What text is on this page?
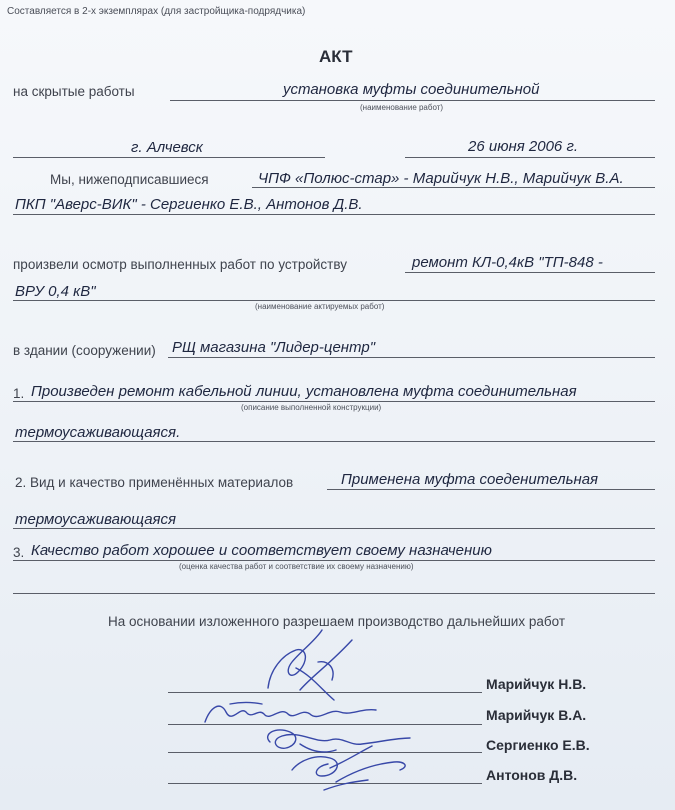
Составляется в 2-х экземплярах (для застройщика-подрядчика)
АКТ
на скрытые работы	установка муфты соединительной
(наименование работ)
г. Алчевск	26 июня 2006 г.
Мы, нижеподписавшиеся	ЧПФ «Полюс-стар» - Марийчук Н.В., Марийчук В.А.
ПКП "Аверс-ВИК" - Сергиенко Е.В., Антонов Д.В.
произвели осмотр выполненных работ по устройству	ремонт КЛ-0,4кВ "ТП-848 -
ВРУ 0,4 кВ"
(наименование актируемых работ)
в здании (сооружении) РЩ магазина "Лидер-центр"
1. Произведен ремонт кабельной линии, установлена муфта соединительная
(описание выполненной конструкции)
термоусаживающаяся.
2. Вид и качество применённых материалов	Применена муфта соеденительная
термоусаживающаяся
3. Качество работ хорошее и соответствует своему назначению
(оценка качества работ и соответствие их своему назначению)
На основании изложенного разрешаем производство дальнейших работ
Марийчук Н.В.
Марийчук В.А.
Сергиенко Е.В.
Антонов Д.В.
